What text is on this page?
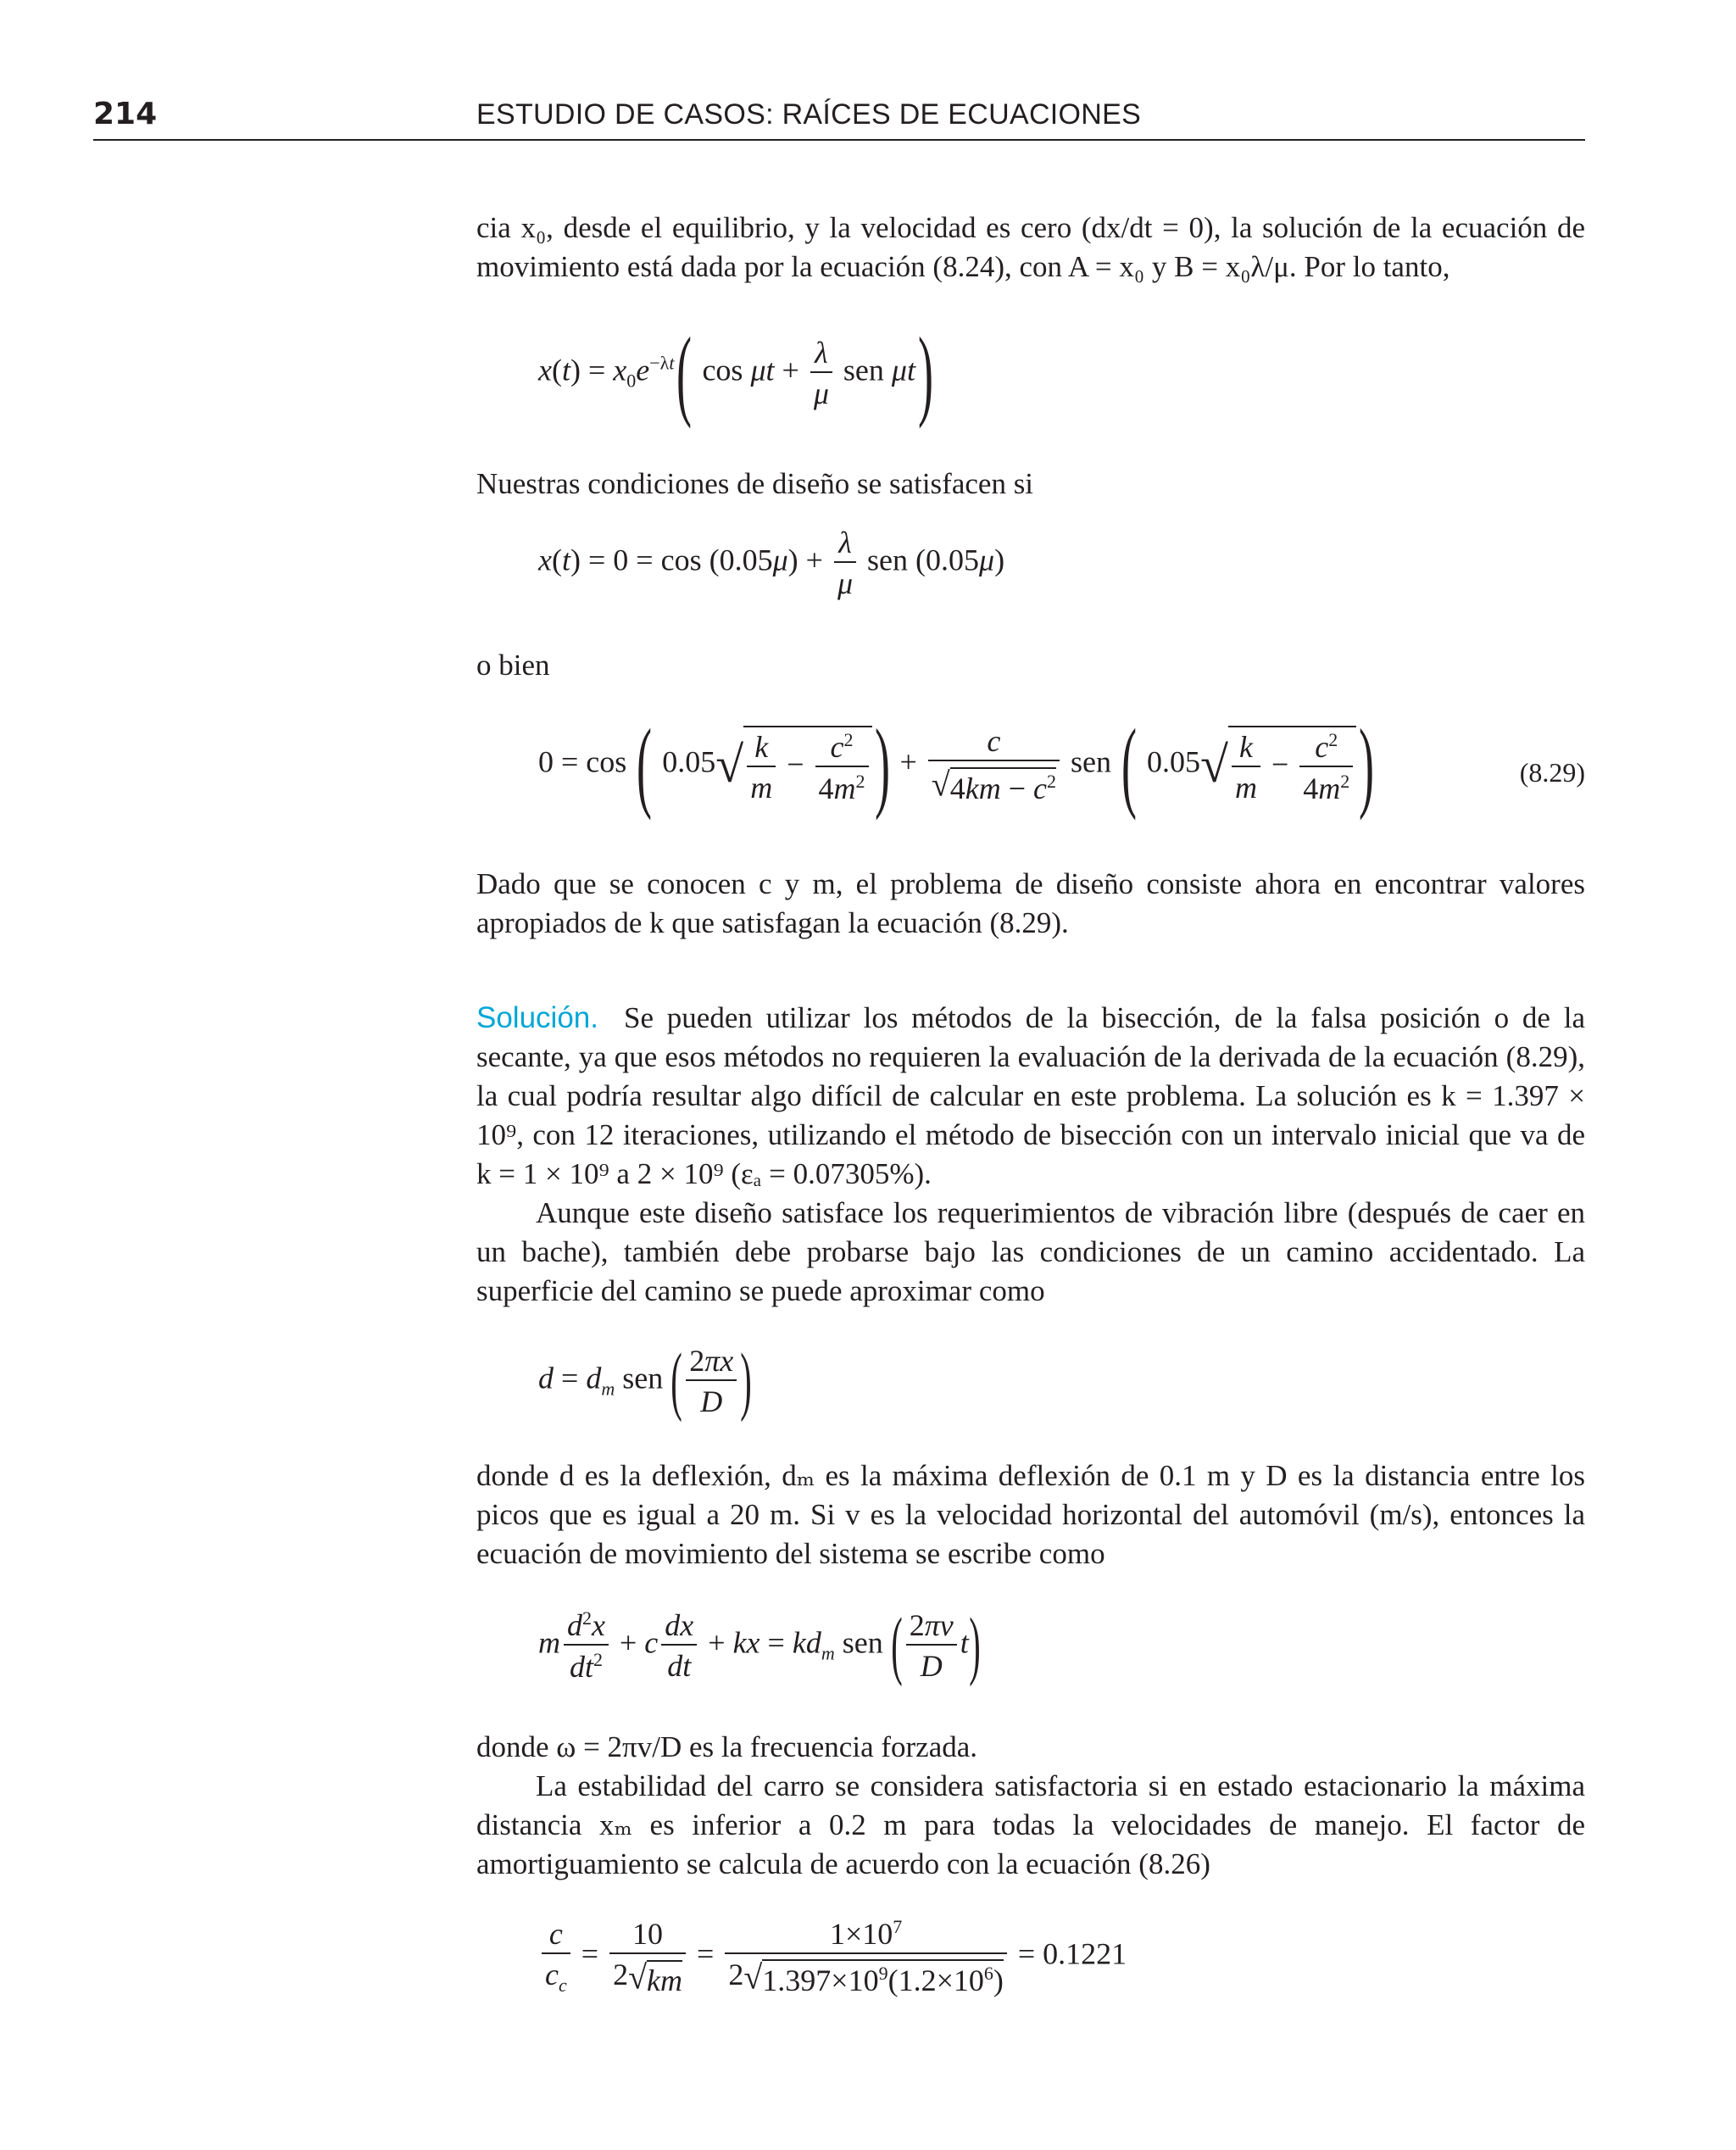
214	ESTUDIO DE CASOS: RAÍCES DE ECUACIONES

cia x₀, desde el equilibrio, y la velocidad es cero (dx/dt = 0), la solución de la ecuación de movimiento está dada por la ecuación (8.24), con A = x₀ y B = x₀λ/μ. Por lo tanto,

$x(t) = x_0e^{-\lambda t}$( $\cos \mu t + \frac{\lambda}{\mu}$ sen μt)

Nuestras condiciones de diseño se satisfacen si

$x(t) = 0 = \cos (0.05\mu) + \frac{\lambda}{\mu}$ sen (0.05μ)

o bien

0 = cos ( $0.05√ \frac{k}{m} - \frac{c^2}{4m^2}$ ) + $\frac{c}{√4km - c^2}$ sen ( $0.05√ \frac{k}{m} - \frac{c^2}{4m^2}$ )	(8.29)

Dado que se conocen c y m, el problema de diseño consiste ahora en encontrar valores apropiados de k que satisfagan la ecuación (8.29).

Solución. Se pueden utilizar los métodos de la bisección, de la falsa posición o de la secante, ya que esos métodos no requieren la evaluación de la derivada de la ecuación (8.29), la cual podría resultar algo difícil de calcular en este problema. La solución es k = 1.397 × 10⁹, con 12 iteraciones, utilizando el método de bisección con un intervalo inicial que va de k = 1 × 10⁹ a 2 × 10⁹ (εₐ = 0.07305%).

Aunque este diseño satisface los requerimientos de vibración libre (después de caer en un bache), también debe probarse bajo las condiciones de un camino accidentado. La superficie del camino se puede aproximar como

$d = d_m$ sen ( $\frac{2\pi x}{D}$ )

donde d es la deflexión, dₘ es la máxima deflexión de 0.1 m y D es la distancia entre los picos que es igual a 20 m. Si v es la velocidad horizontal del automóvil (m/s), entonces la ecuación de movimiento del sistema se escribe como

m $\frac{d^2x}{dt^2} + c \frac{dx}{dt}$ + kx = $kd_m$ sen ( $\frac{2\pi v}{D} t$)

donde ω = 2πv/D es la frecuencia forzada.

La estabilidad del carro se considera satisfactoria si en estado estacionario la máxima distancia xₘ es inferior a 0.2 m para todas la velocidades de manejo. El factor de amortiguamiento se calcula de acuerdo con la ecuación (8.26)

$\frac{c}{c_c} = \frac{10}{2√km} = \frac{1\times 10^7}{2√1.397\times 10^9(1.2\times 10^6)} = 0.1221$
